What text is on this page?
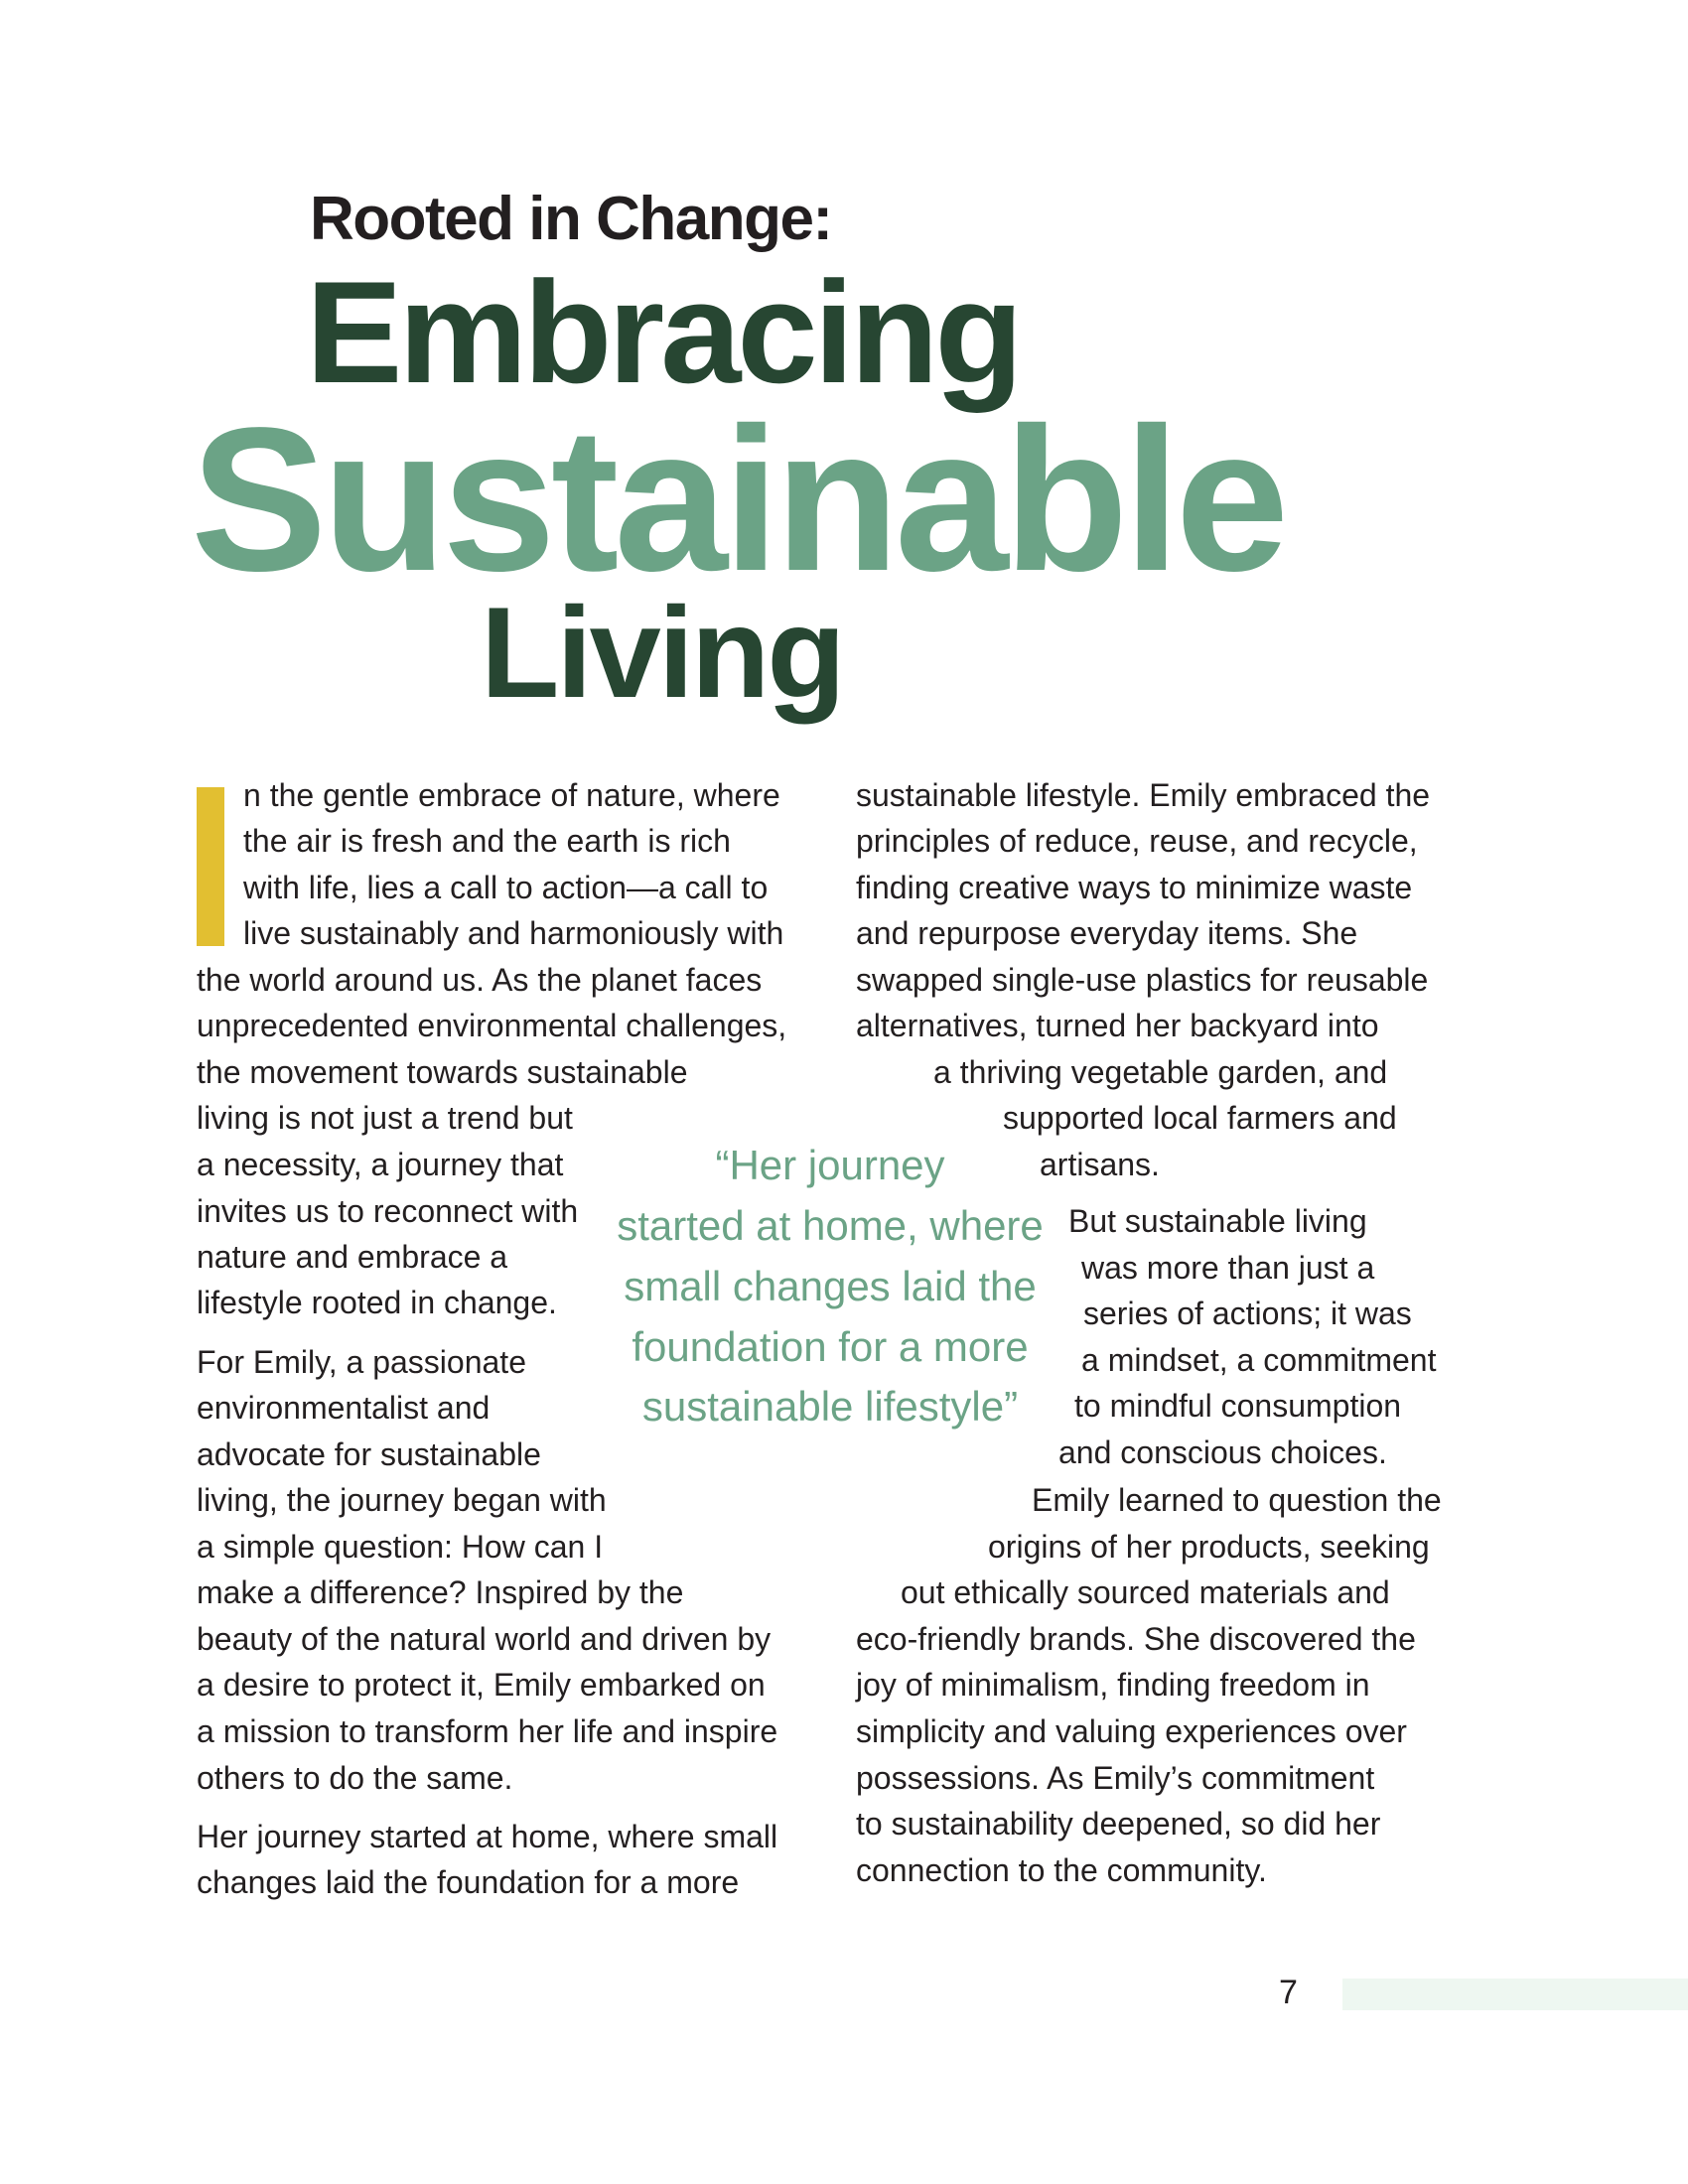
Rooted in Change:
Embracing
Sustainable
Living
n the gentle embrace of nature, where
the air is fresh and the earth is rich
with life, lies a call to action—a call to
live sustainably and harmoniously with
the world around us. As the planet faces
unprecedented environmental challenges,
the movement towards sustainable
living is not just a trend but
a necessity, a journey that
invites us to reconnect with
nature and embrace a
lifestyle rooted in change.
For Emily, a passionate
environmentalist and
advocate for sustainable
living, the journey began with
a simple question: How can I
make a difference? Inspired by the
beauty of the natural world and driven by
a desire to protect it, Emily embarked on
a mission to transform her life and inspire
others to do the same.
Her journey started at home, where small
changes laid the foundation for a more
sustainable lifestyle. Emily embraced the
principles of reduce, reuse, and recycle,
finding creative ways to minimize waste
and repurpose everyday items. She
swapped single-use plastics for reusable
alternatives, turned her backyard into
a thriving vegetable garden, and
supported local farmers and
artisans.
But sustainable living
was more than just a
series of actions; it was
a mindset, a commitment
to mindful consumption
and conscious choices.
Emily learned to question the
origins of her products, seeking
out ethically sourced materials and
eco-friendly brands. She discovered the
joy of minimalism, finding freedom in
simplicity and valuing experiences over
possessions. As Emily’s commitment
to sustainability deepened, so did her
connection to the community.
“Her journey
started at home, where
small changes laid the
foundation for a more
sustainable lifestyle”
7
